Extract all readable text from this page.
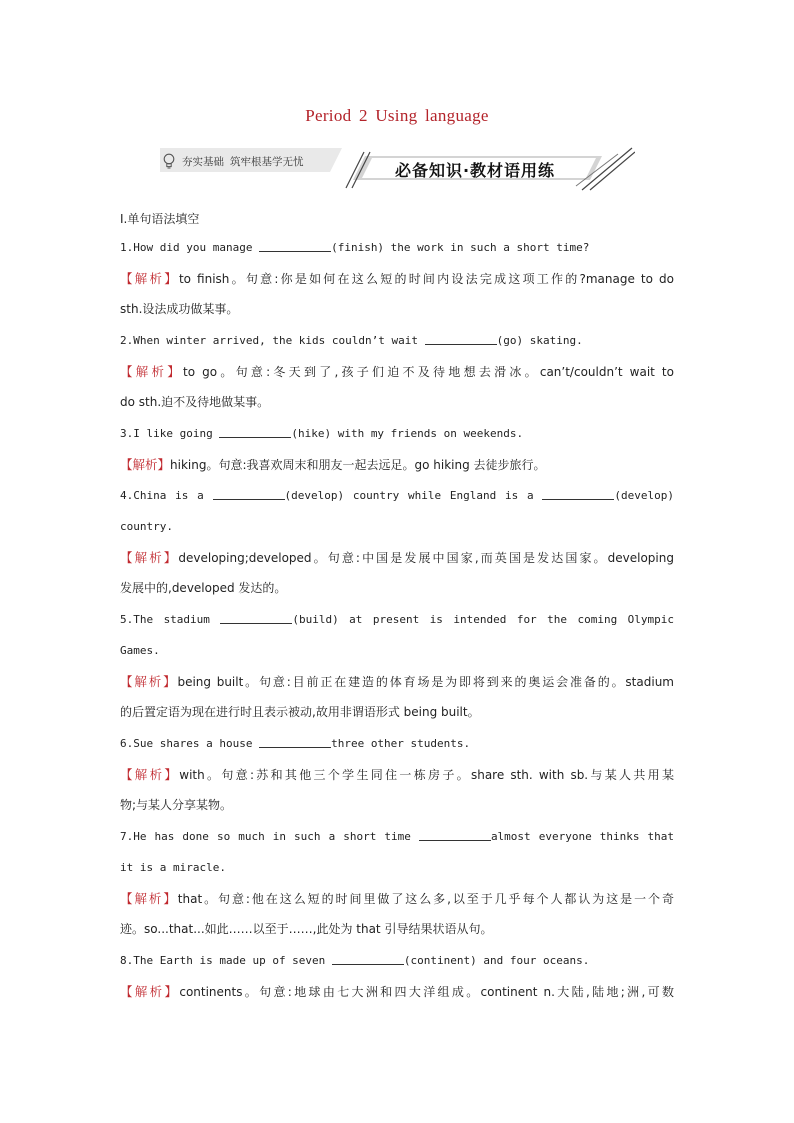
Period 2 Using language
夯实基础 筑牢根基学无忧	必备知识·教材语用练
Ⅰ.单句语法填空
1.How did you manage	(finish) the work in such a short time?
【解析】to finish。句意:你是如何在这么短的时间内设法完成这项工作的?manage to do
sth.设法成功做某事。
2.When winter arrived, the kids couldn’t wait	(go) skating.
【解析】to go。句意:冬天到了,孩子们迫不及待地想去滑冰。can’t/couldn’t wait to
do sth.迫不及待地做某事。
3.I like going	(hike) with my friends on weekends.
【解析】hiking。句意:我喜欢周末和朋友一起去远足。go hiking 去徒步旅行。
4.China is a	(develop) country while England is a	(develop)
country.
【解析】developing;developed。句意:中国是发展中国家,而英国是发达国家。developing
发展中的,developed 发达的。
5.The stadium	(build) at present is intended for the coming Olympic
Games.
【解析】being built。句意:目前正在建造的体育场是为即将到来的奥运会准备的。stadium
的后置定语为现在进行时且表示被动,故用非谓语形式 being built。
6.Sue shares a house	three other students.
【解析】with。句意:苏和其他三个学生同住一栋房子。share sth. with sb.与某人共用某
物;与某人分享某物。
7.He has done so much in such a short time	almost everyone thinks that
it is a miracle.
【解析】that。句意:他在这么短的时间里做了这么多,以至于几乎每个人都认为这是一个奇
迹。so...that...如此……以至于……,此处为 that 引导结果状语从句。
8.The Earth is made up of seven	(continent) and four oceans.
【解析】continents。句意:地球由七大洲和四大洋组成。continent n.大陆,陆地;洲,可数
